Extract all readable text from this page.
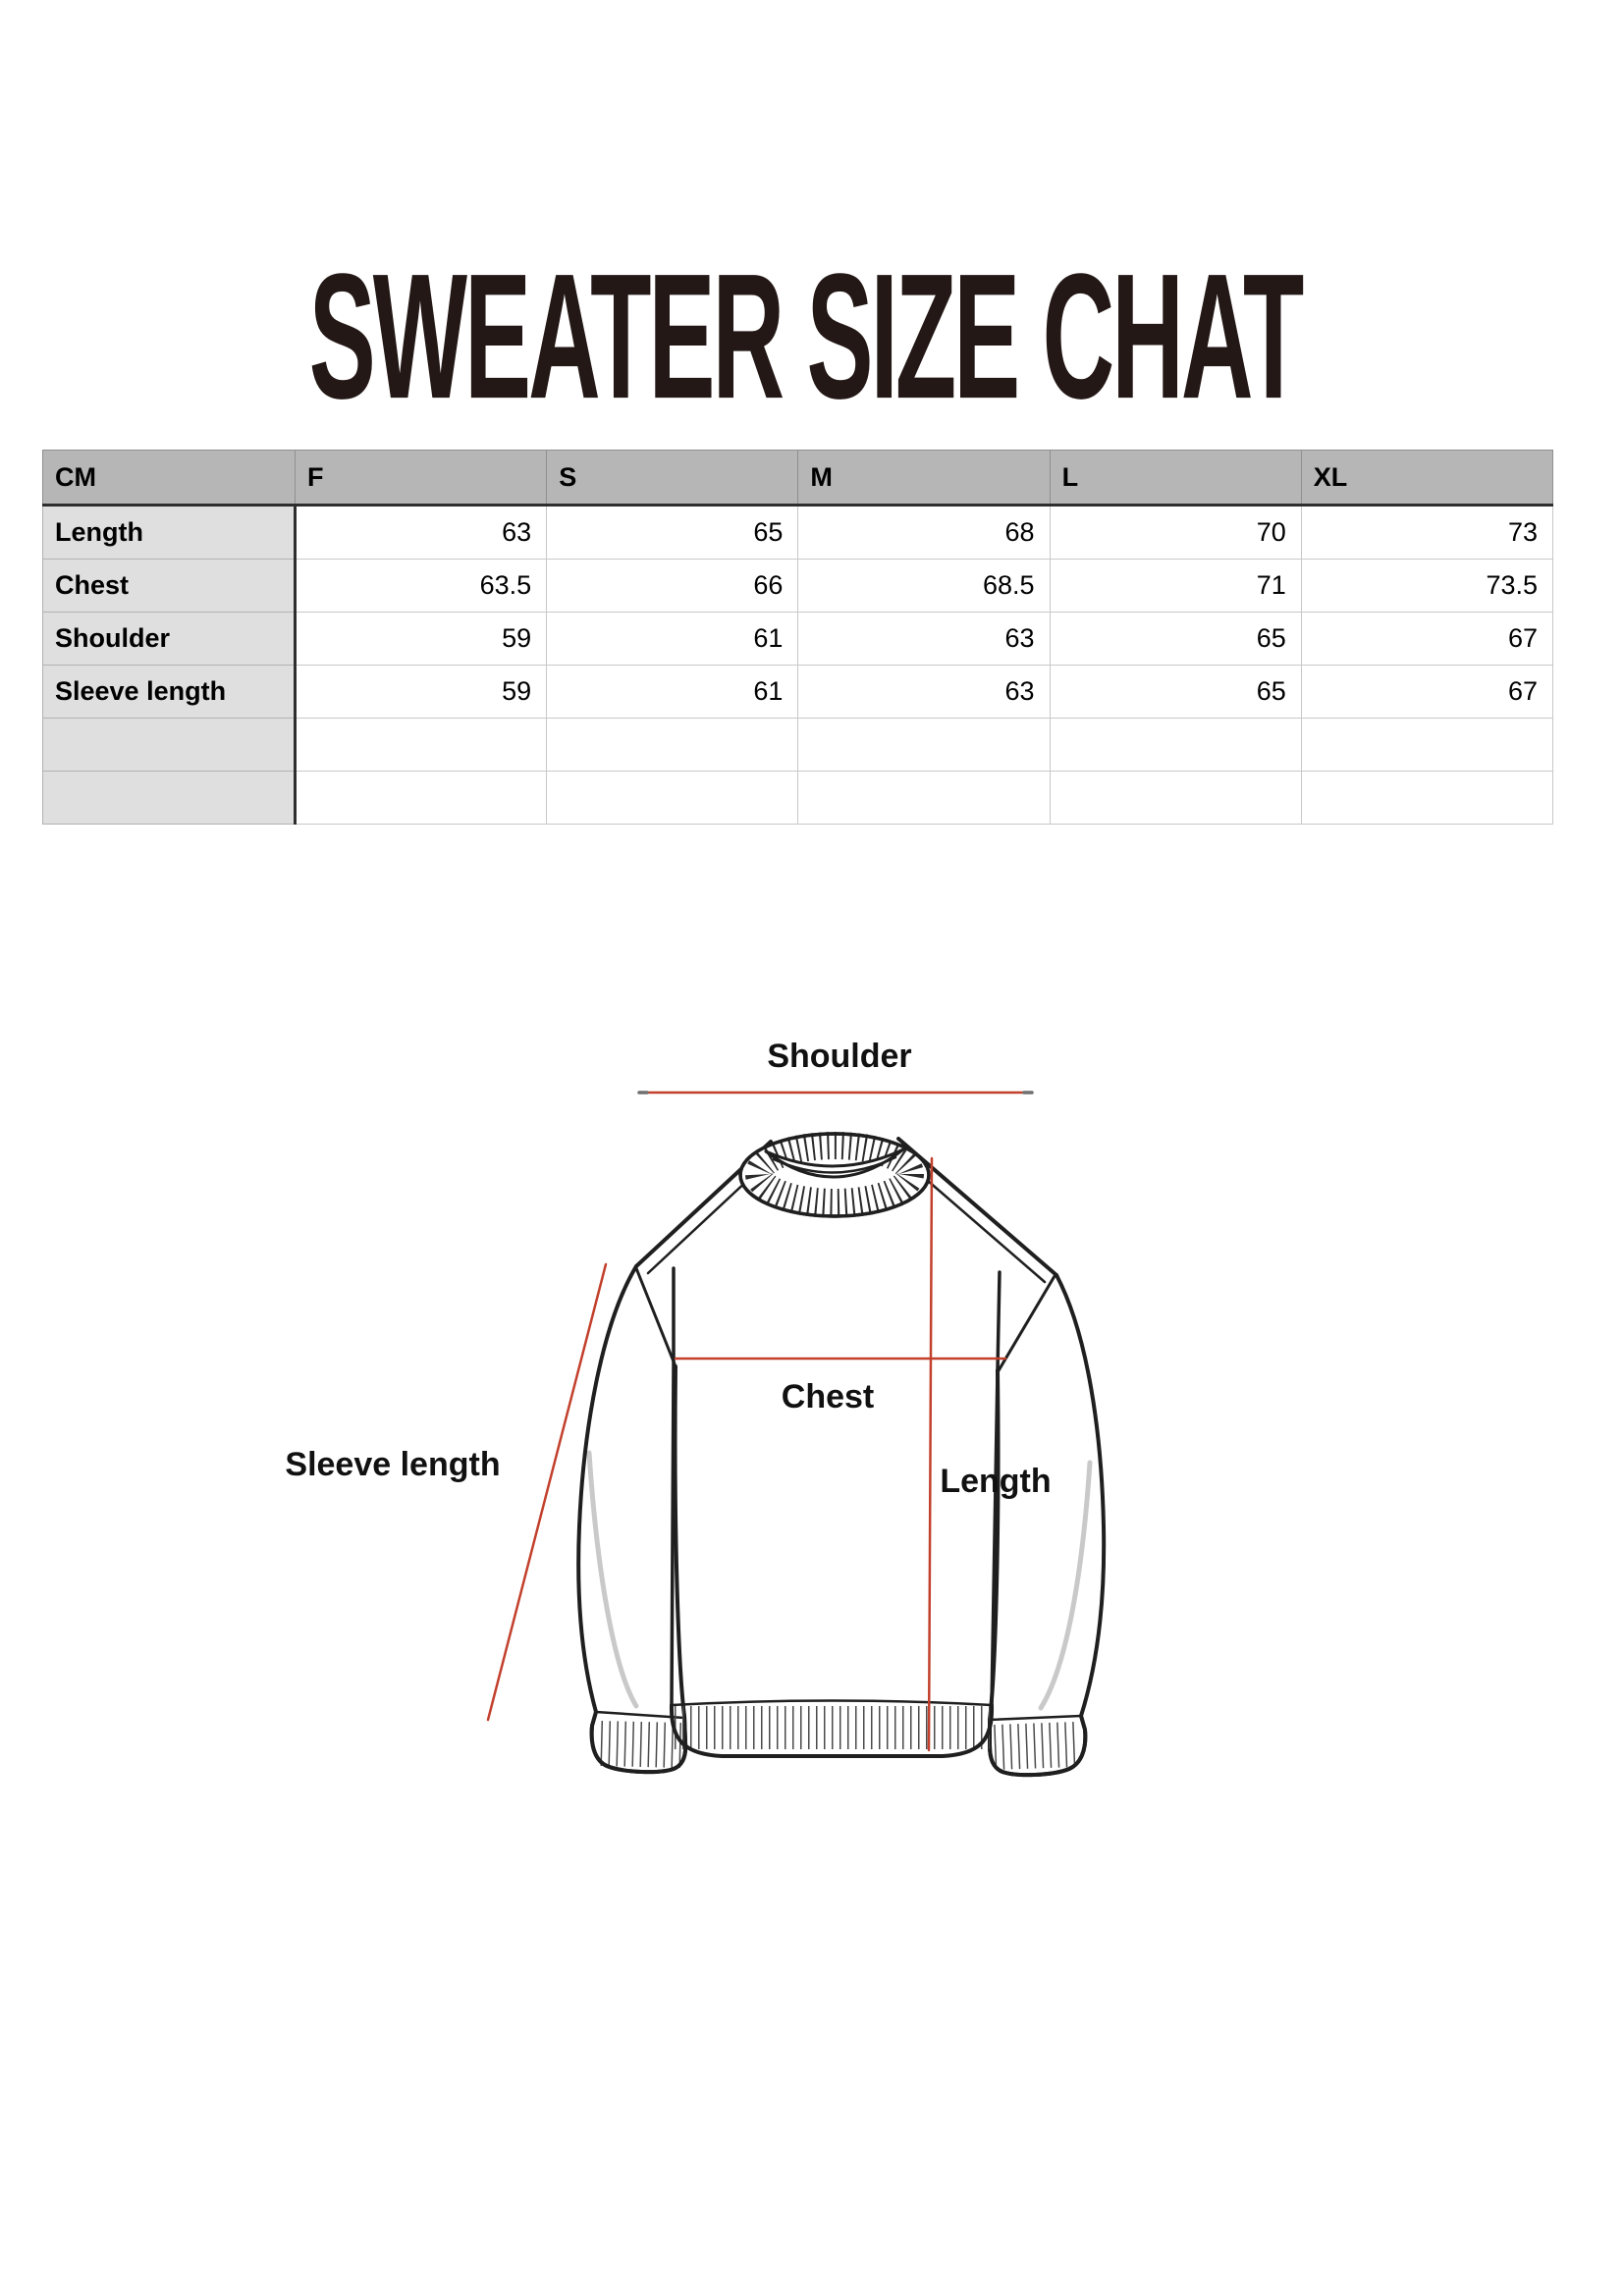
SWEATER SIZE CHAT
CM	F	S	M	L	XL
Length	63	65	68	70	73
Chest	63.5	66	68.5	71	73.5
Shoulder	59	61	63	65	67
Sleeve length	59	61	63	65	67

Shoulder
Chest
Length
Sleeve length
